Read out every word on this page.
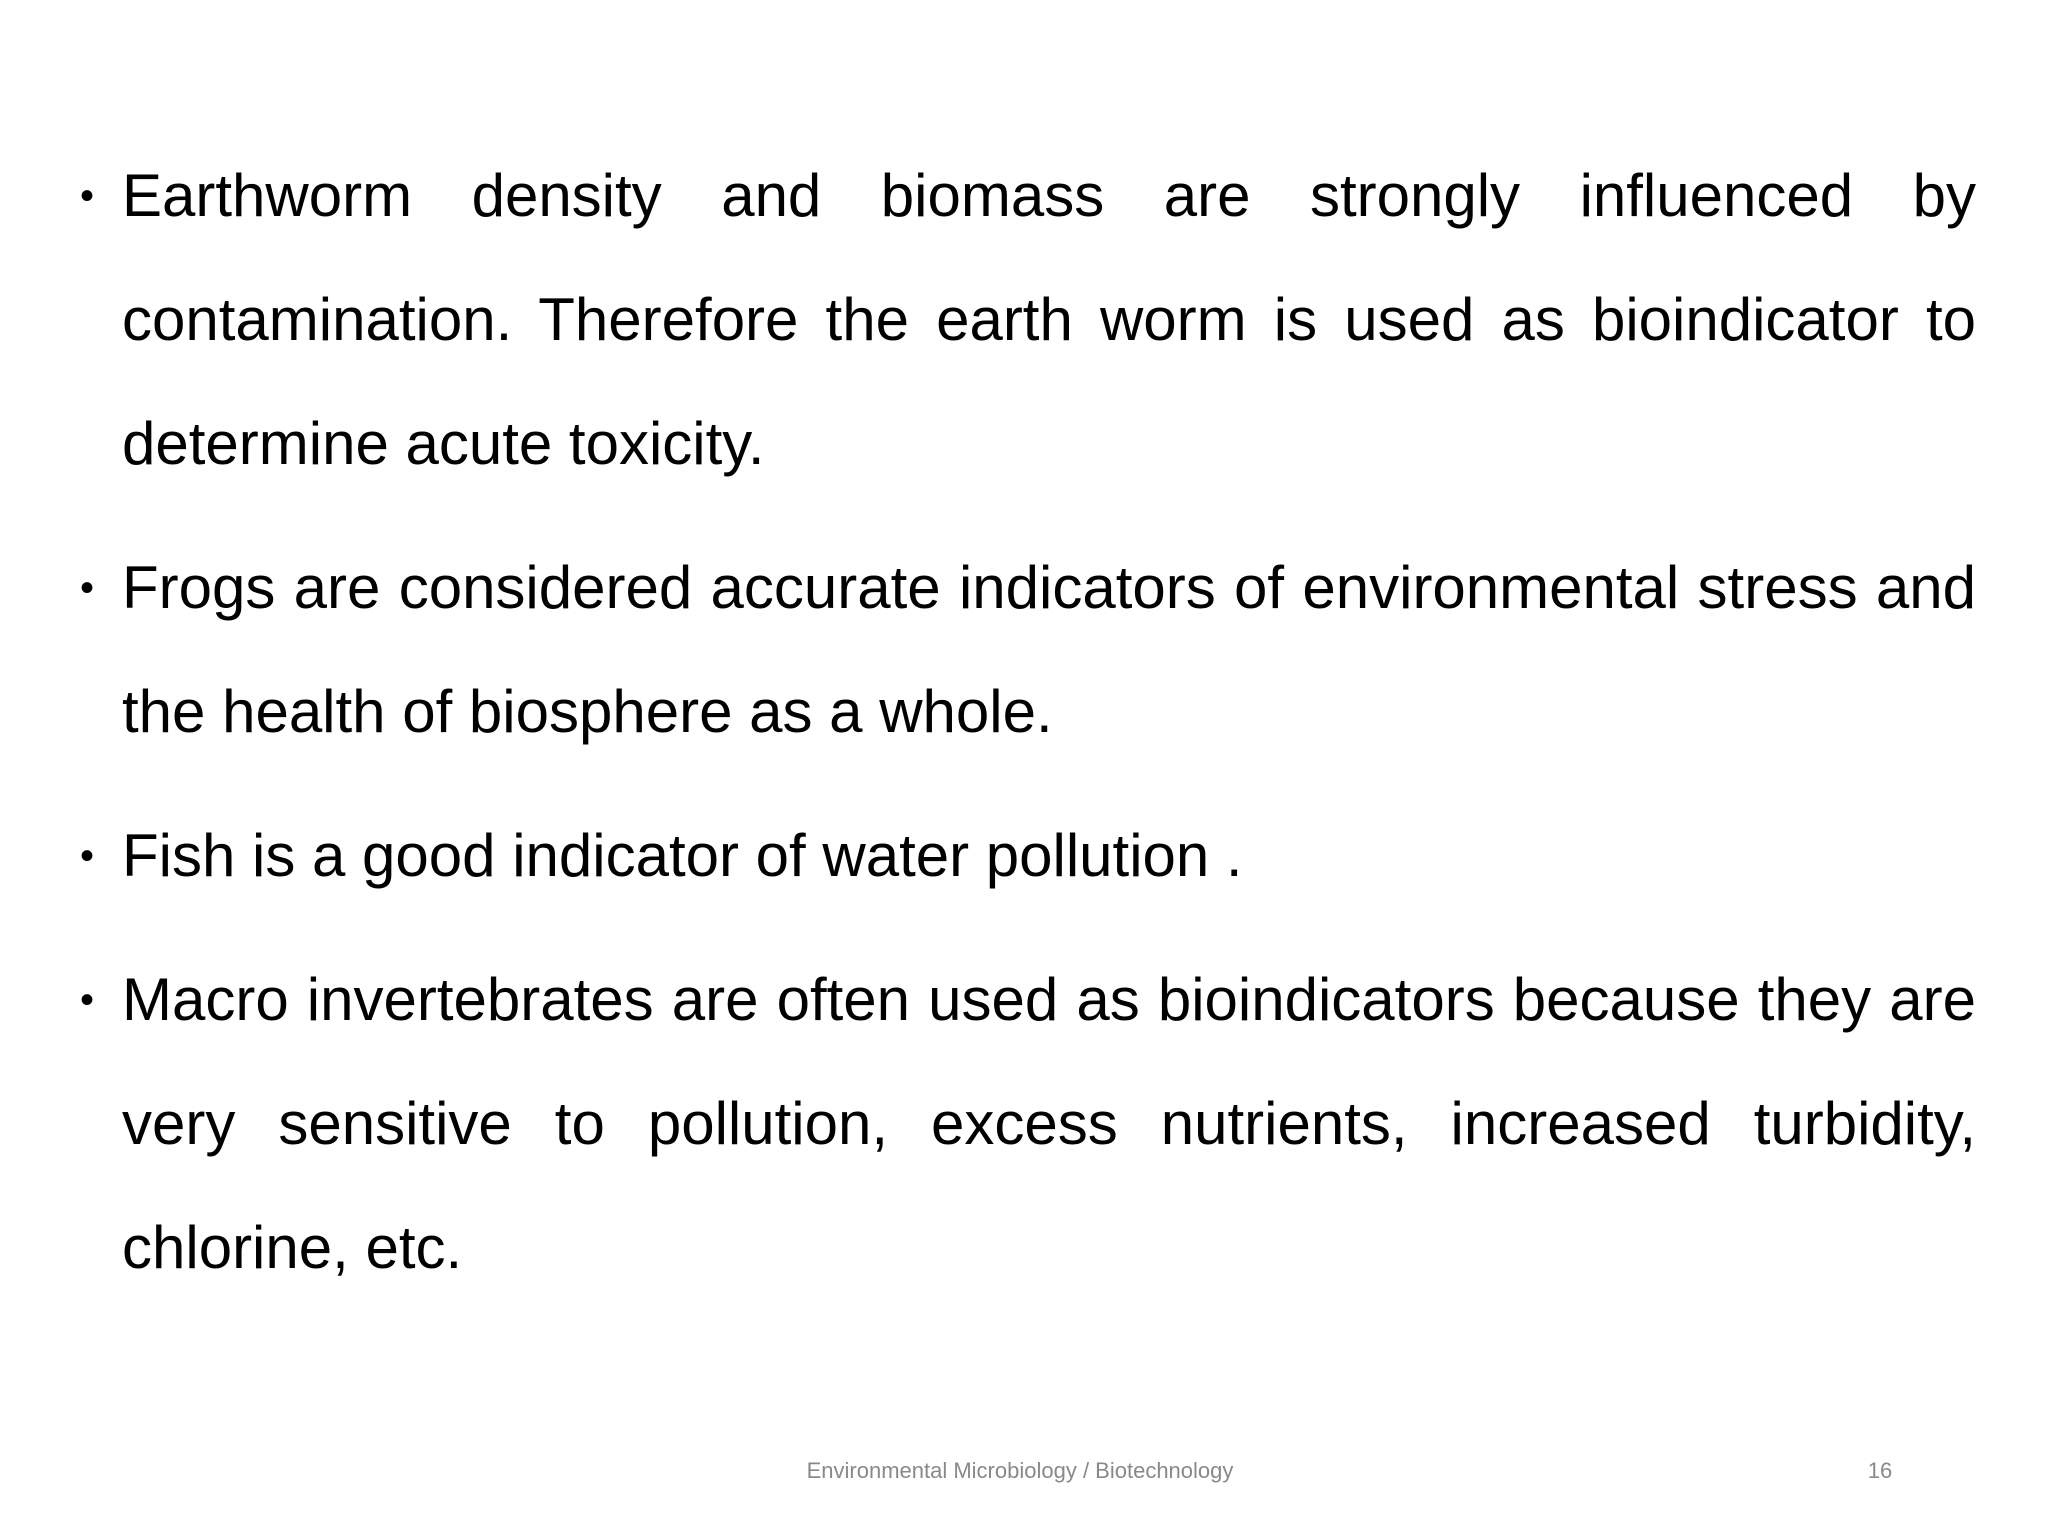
• Earthworm density and biomass are strongly influenced by contamination. Therefore the earth worm is used as bioindicator to determine acute toxicity.

• Frogs are considered accurate indicators of environmental stress and the health of biosphere as a whole.

• Fish is a good indicator of water pollution .

• Macro invertebrates are often used as bioindicators because they are very sensitive to pollution, excess nutrients, increased turbidity, chlorine, etc.

Environmental Microbiology / Biotechnology	16
